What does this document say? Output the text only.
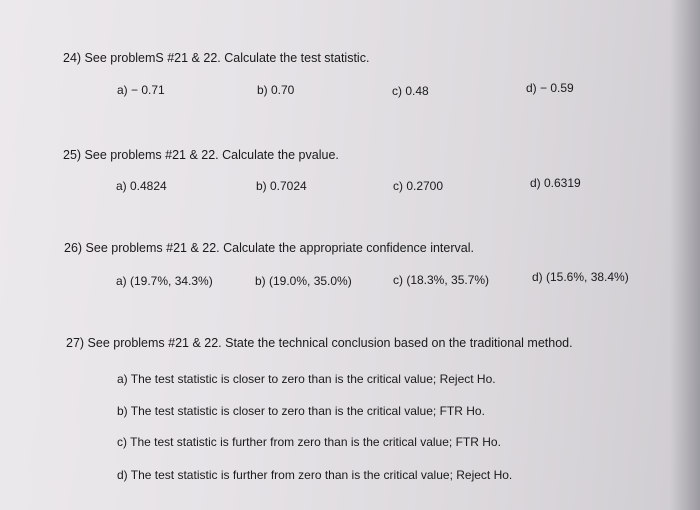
24) See problemS #21 & 22. Calculate the test statistic.
a) − 0.71	b) 0.70	c) 0.48	d) − 0.59
25) See problems #21 & 22. Calculate the pvalue.
a) 0.4824	b) 0.7024	c) 0.2700	d) 0.6319
26) See problems #21 & 22. Calculate the appropriate confidence interval.
a) (19.7%, 34.3%)	b) (19.0%, 35.0%)	c) (18.3%, 35.7%)	d) (15.6%, 38.4%)
27) See problems #21 & 22. State the technical conclusion based on the traditional method.
a) The test statistic is closer to zero than is the critical value; Reject Ho.
b) The test statistic is closer to zero than is the critical value; FTR Ho.
c) The test statistic is further from zero than is the critical value; FTR Ho.
d) The test statistic is further from zero than is the critical value; Reject Ho.
